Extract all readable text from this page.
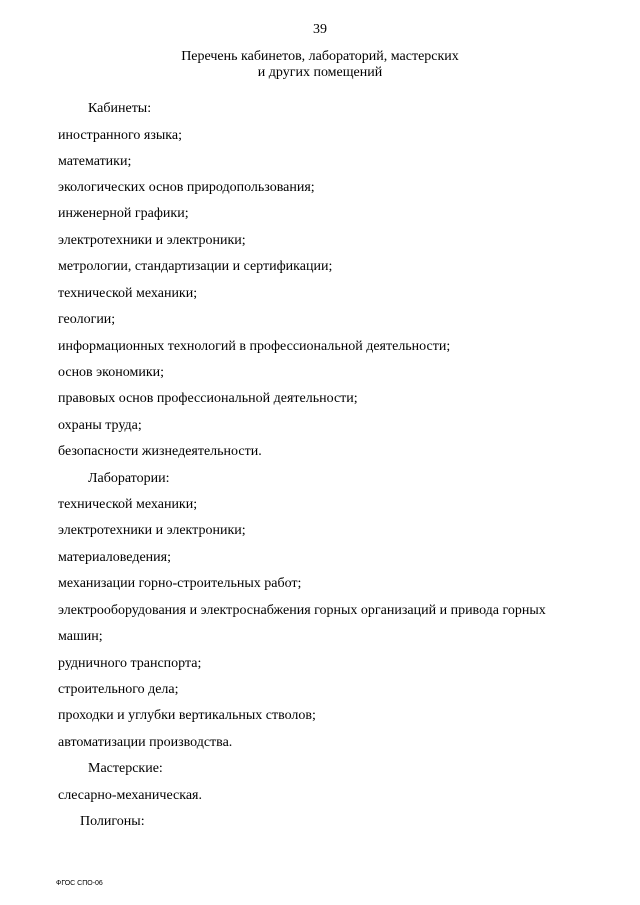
39
Перечень кабинетов, лабораторий, мастерских
и других помещений
Кабинеты:
иностранного языка;
математики;
экологических основ природопользования;
инженерной графики;
электротехники и электроники;
метрологии, стандартизации и сертификации;
технической механики;
геологии;
информационных технологий в профессиональной деятельности;
основ экономики;
правовых основ профессиональной деятельности;
охраны труда;
безопасности жизнедеятельности.
Лаборатории:
технической механики;
электротехники и электроники;
материаловедения;
механизации горно-строительных работ;
электрооборудования и электроснабжения горных организаций и привода горных
машин;
рудничного транспорта;
строительного дела;
проходки и углубки вертикальных стволов;
автоматизации производства.
Мастерские:
слесарно-механическая.
Полигоны:
ФГОС СПО-06
